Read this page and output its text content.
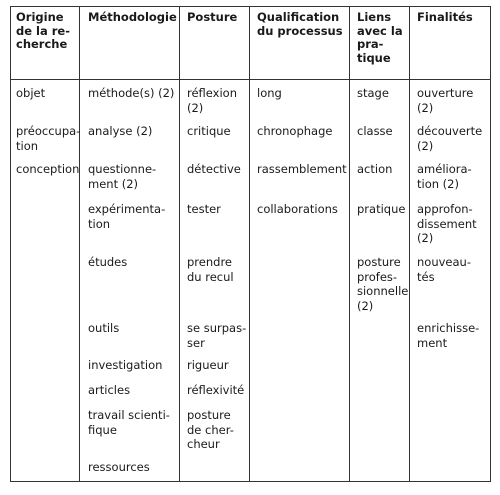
Origine
de la re-
cherche
Méthodologie Posture	Qualification
du processus
Liens
avec la
pra-
tique
Finalités
objet
préoccupa-
tion
conception
méthode(s) (2)
analyse (2)
questionne-
ment (2)
expérimenta-
tion
études
outils
investigation
articles
travail scienti-
fique
ressources
réflexion
(2)
critique
détective
tester
prendre
du recul
se surpas-
ser
rigueur
réflexivité
posture
de cher-
cheur
long
chronophage
rassemblement
collaborations
stage
classe
action
pratique
posture
profes-
sionnelle
(2)
ouverture
(2)
découverte
(2)
améliora-
tion (2)
approfon-
dissement
(2)
nouveau-
tés
enrichisse-
ment
